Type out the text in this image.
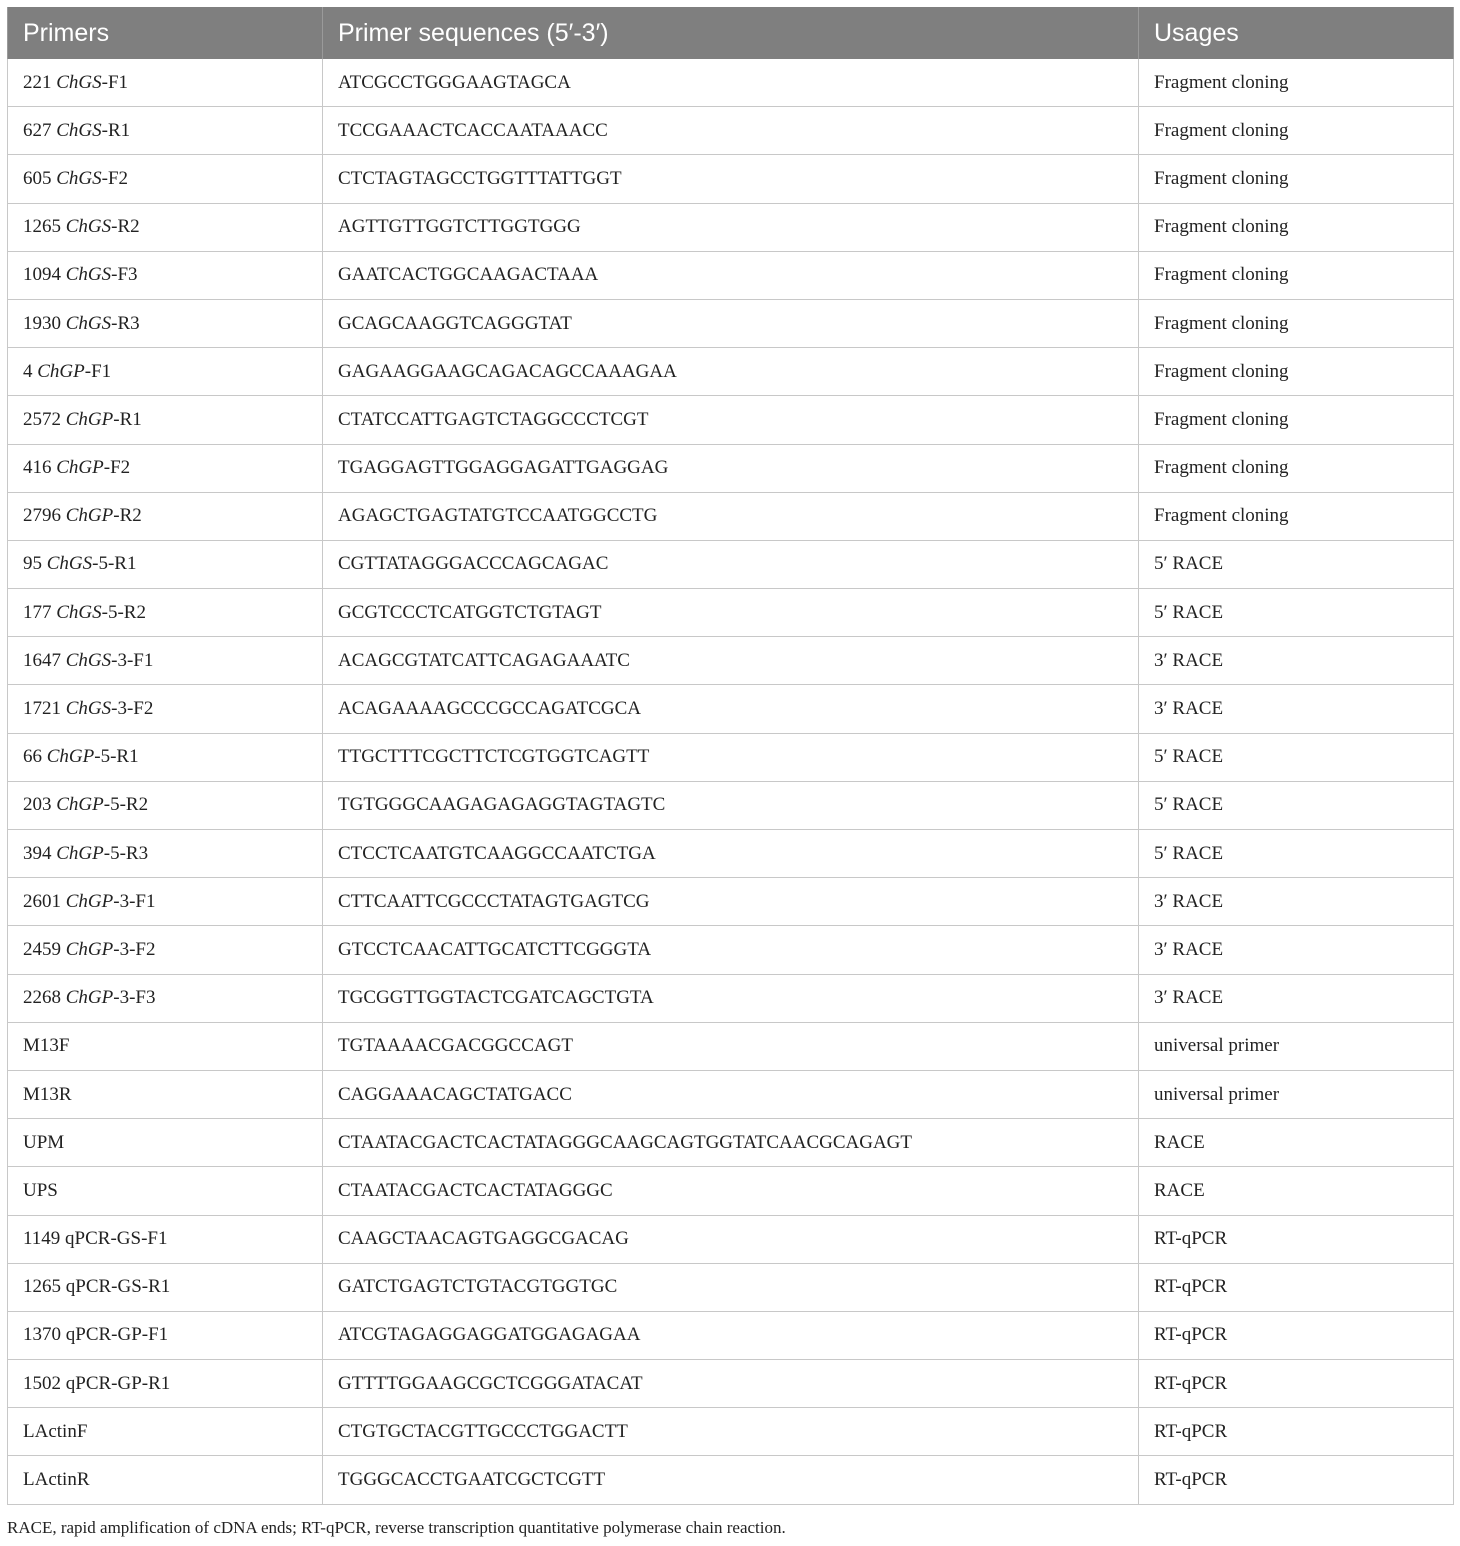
Primers	Primer sequences (5′-3′)	Usages
221 ChGS-F1	ATCGCCTGGGAAGTAGCA	Fragment cloning
627 ChGS-R1	TCCGAAACTCACCAATAAACC	Fragment cloning
605 ChGS-F2	CTCTAGTAGCCTGGTTTATTGGT	Fragment cloning
1265 ChGS-R2	AGTTGTTGGTCTTGGTGGG	Fragment cloning
1094 ChGS-F3	GAATCACTGGCAAGACTAAA	Fragment cloning
1930 ChGS-R3	GCAGCAAGGTCAGGGTAT	Fragment cloning
4 ChGP-F1	GAGAAGGAAGCAGACAGCCAAAGAA	Fragment cloning
2572 ChGP-R1	CTATCCATTGAGTCTAGGCCCTCGT	Fragment cloning
416 ChGP-F2	TGAGGAGTTGGAGGAGATTGAGGAG	Fragment cloning
2796 ChGP-R2	AGAGCTGAGTATGTCCAATGGCCTG	Fragment cloning
95 ChGS-5-R1	CGTTATAGGGACCCAGCAGAC	5′ RACE
177 ChGS-5-R2	GCGTCCCTCATGGTCTGTAGT	5′ RACE
1647 ChGS-3-F1	ACAGCGTATCATTCAGAGAAATC	3′ RACE
1721 ChGS-3-F2	ACAGAAAAGCCCGCCAGATCGCA	3′ RACE
66 ChGP-5-R1	TTGCTTTCGCTTCTCGTGGTCAGTT	5′ RACE
203 ChGP-5-R2	TGTGGGCAAGAGAGAGGTAGTAGTC	5′ RACE
394 ChGP-5-R3	CTCCTCAATGTCAAGGCCAATCTGA	5′ RACE
2601 ChGP-3-F1	CTTCAATTCGCCCTATAGTGAGTCG	3′ RACE
2459 ChGP-3-F2	GTCCTCAACATTGCATCTTCGGGTA	3′ RACE
2268 ChGP-3-F3	TGCGGTTGGTACTCGATCAGCTGTA	3′ RACE
M13F	TGTAAAACGACGGCCAGT	universal primer
M13R	CAGGAAACAGCTATGACC	universal primer
UPM	CTAATACGACTCACTATAGGGCAAGCAGTGGTATCAACGCAGAGT	RACE
UPS	CTAATACGACTCACTATAGGGC	RACE
1149 qPCR-GS-F1	CAAGCTAACAGTGAGGCGACAG	RT-qPCR
1265 qPCR-GS-R1	GATCTGAGTCTGTACGTGGTGC	RT-qPCR
1370 qPCR-GP-F1	ATCGTAGAGGAGGATGGAGAGAA	RT-qPCR
1502 qPCR-GP-R1	GTTTTGGAAGCGCTCGGGATACAT	RT-qPCR
LActinF	CTGTGCTACGTTGCCCTGGACTT	RT-qPCR
LActinR	TGGGCACCTGAATCGCTCGTT	RT-qPCR
RACE, rapid amplification of cDNA ends; RT-qPCR, reverse transcription quantitative polymerase chain reaction.
